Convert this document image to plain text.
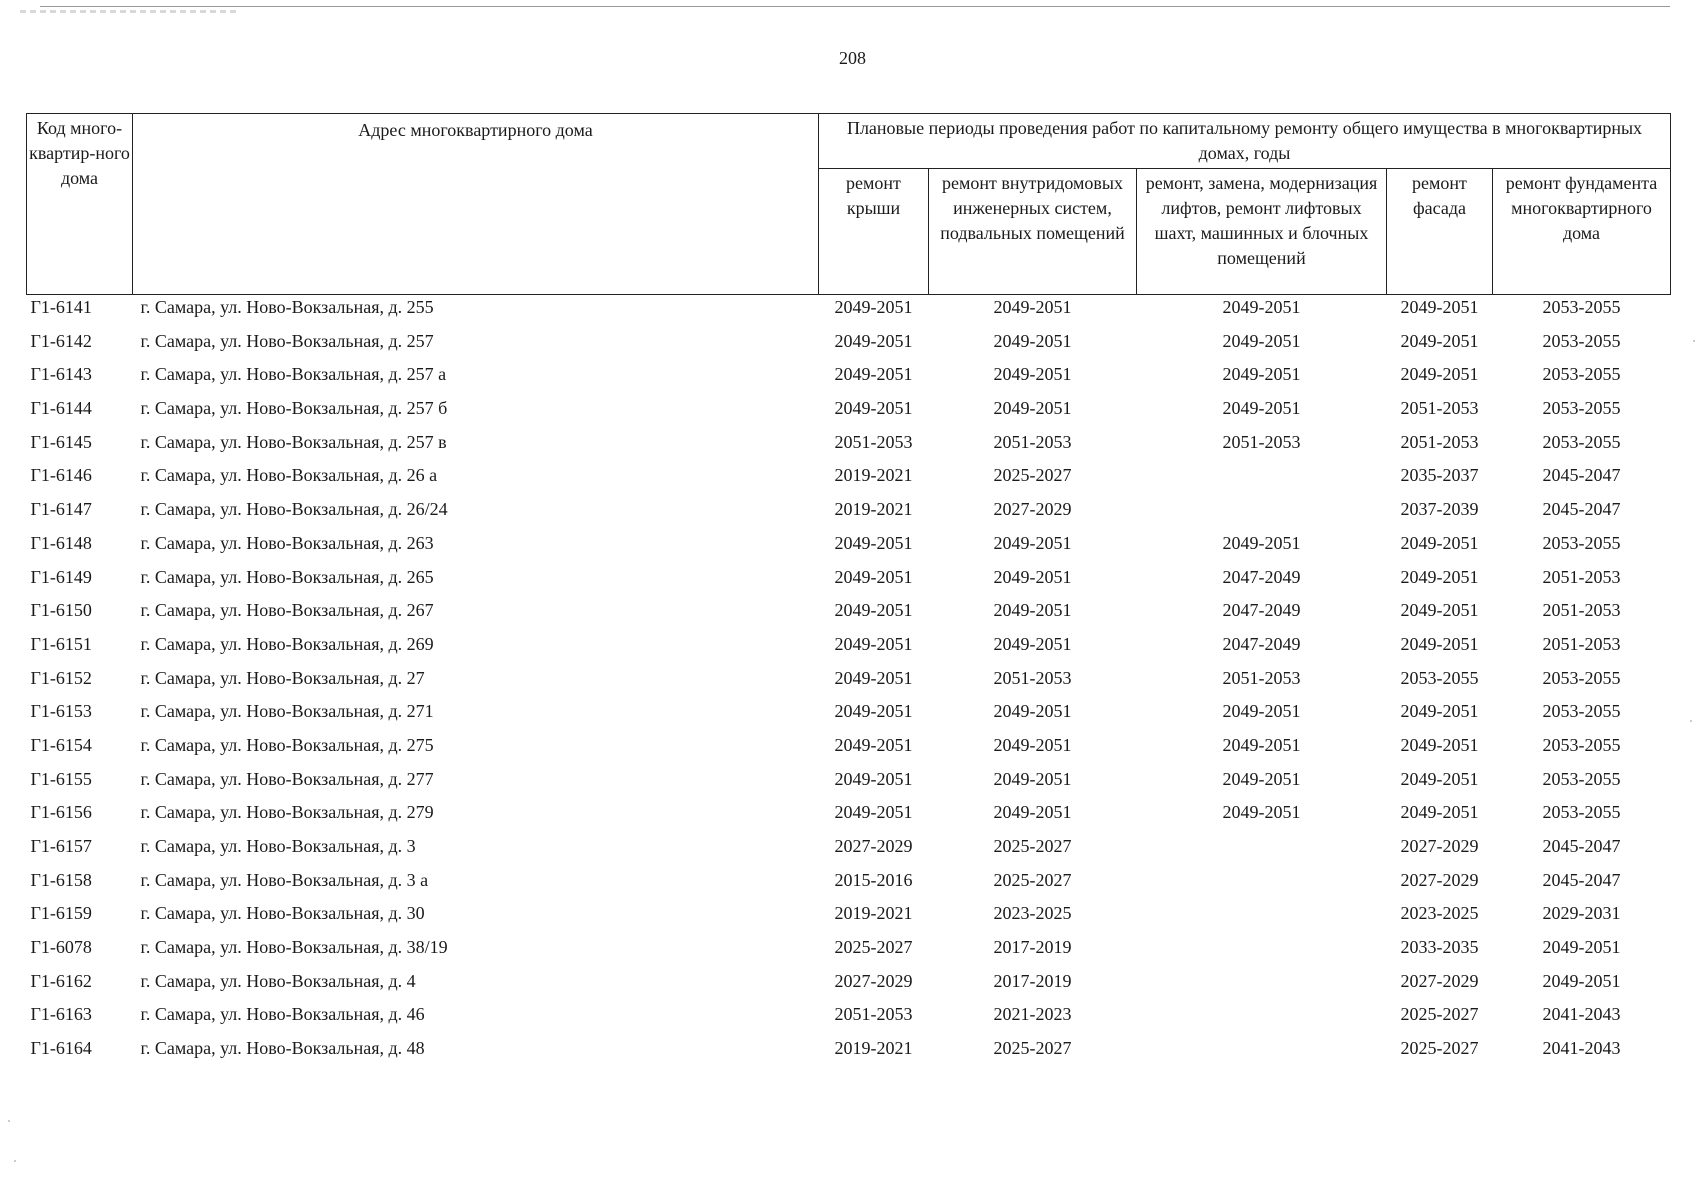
208
Код много-квартир-ного дома	Адрес многоквартирного дома	Плановые периоды проведения работ по капитальному ремонту общего имущества в многоквартирных домах, годы				
		ремонт крыши	ремонт внутридомовых инженерных систем, подвальных помещений	ремонт, замена, модернизация лифтов, ремонт лифтовых шахт, машинных и блочных помещений	ремонт фасада	ремонт фундамента многоквартирного дома
Г1-6141	г. Самара, ул. Ново-Вокзальная, д. 255	2049-2051	2049-2051	2049-2051	2049-2051	2053-2055
Г1-6142	г. Самара, ул. Ново-Вокзальная, д. 257	2049-2051	2049-2051	2049-2051	2049-2051	2053-2055
Г1-6143	г. Самара, ул. Ново-Вокзальная, д. 257 а	2049-2051	2049-2051	2049-2051	2049-2051	2053-2055
Г1-6144	г. Самара, ул. Ново-Вокзальная, д. 257 б	2049-2051	2049-2051	2049-2051	2051-2053	2053-2055
Г1-6145	г. Самара, ул. Ново-Вокзальная, д. 257 в	2051-2053	2051-2053	2051-2053	2051-2053	2053-2055
Г1-6146	г. Самара, ул. Ново-Вокзальная, д. 26 а	2019-2021	2025-2027		2035-2037	2045-2047
Г1-6147	г. Самара, ул. Ново-Вокзальная, д. 26/24	2019-2021	2027-2029		2037-2039	2045-2047
Г1-6148	г. Самара, ул. Ново-Вокзальная, д. 263	2049-2051	2049-2051	2049-2051	2049-2051	2053-2055
Г1-6149	г. Самара, ул. Ново-Вокзальная, д. 265	2049-2051	2049-2051	2047-2049	2049-2051	2051-2053
Г1-6150	г. Самара, ул. Ново-Вокзальная, д. 267	2049-2051	2049-2051	2047-2049	2049-2051	2051-2053
Г1-6151	г. Самара, ул. Ново-Вокзальная, д. 269	2049-2051	2049-2051	2047-2049	2049-2051	2051-2053
Г1-6152	г. Самара, ул. Ново-Вокзальная, д. 27	2049-2051	2051-2053	2051-2053	2053-2055	2053-2055
Г1-6153	г. Самара, ул. Ново-Вокзальная, д. 271	2049-2051	2049-2051	2049-2051	2049-2051	2053-2055
Г1-6154	г. Самара, ул. Ново-Вокзальная, д. 275	2049-2051	2049-2051	2049-2051	2049-2051	2053-2055
Г1-6155	г. Самара, ул. Ново-Вокзальная, д. 277	2049-2051	2049-2051	2049-2051	2049-2051	2053-2055
Г1-6156	г. Самара, ул. Ново-Вокзальная, д. 279	2049-2051	2049-2051	2049-2051	2049-2051	2053-2055
Г1-6157	г. Самара, ул. Ново-Вокзальная, д. 3	2027-2029	2025-2027		2027-2029	2045-2047
Г1-6158	г. Самара, ул. Ново-Вокзальная, д. 3 а	2015-2016	2025-2027		2027-2029	2045-2047
Г1-6159	г. Самара, ул. Ново-Вокзальная, д. 30	2019-2021	2023-2025		2023-2025	2029-2031
Г1-6078	г. Самара, ул. Ново-Вокзальная, д. 38/19	2025-2027	2017-2019		2033-2035	2049-2051
Г1-6162	г. Самара, ул. Ново-Вокзальная, д. 4	2027-2029	2017-2019		2027-2029	2049-2051
Г1-6163	г. Самара, ул. Ново-Вокзальная, д. 46	2051-2053	2021-2023		2025-2027	2041-2043
Г1-6164	г. Самара, ул. Ново-Вокзальная, д. 48	2019-2021	2025-2027		2025-2027	2041-2043
